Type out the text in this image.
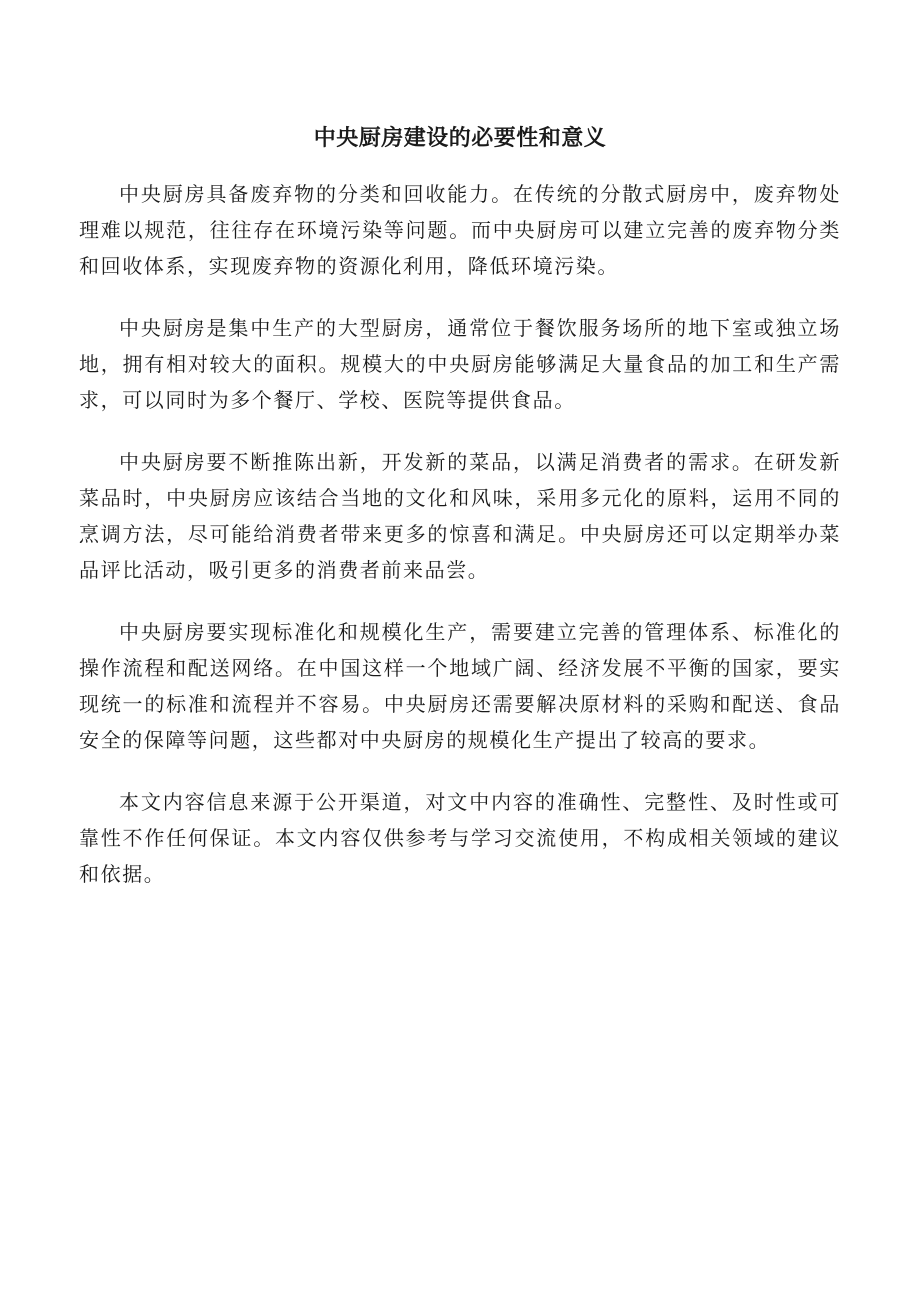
中央厨房建设的必要性和意义

中央厨房具备废弃物的分类和回收能力。在传统的分散式厨房中，废弃物处理难以规范，往往存在环境污染等问题。而中央厨房可以建立完善的废弃物分类和回收体系，实现废弃物的资源化利用，降低环境污染。

中央厨房是集中生产的大型厨房，通常位于餐饮服务场所的地下室或独立场地，拥有相对较大的面积。规模大的中央厨房能够满足大量食品的加工和生产需求，可以同时为多个餐厅、学校、医院等提供食品。

中央厨房要不断推陈出新，开发新的菜品，以满足消费者的需求。在研发新菜品时，中央厨房应该结合当地的文化和风味，采用多元化的原料，运用不同的烹调方法，尽可能给消费者带来更多的惊喜和满足。中央厨房还可以定期举办菜品评比活动，吸引更多的消费者前来品尝。

中央厨房要实现标准化和规模化生产，需要建立完善的管理体系、标准化的操作流程和配送网络。在中国这样一个地域广阔、经济发展不平衡的国家，要实现统一的标准和流程并不容易。中央厨房还需要解决原材料的采购和配送、食品安全的保障等问题，这些都对中央厨房的规模化生产提出了较高的要求。

本文内容信息来源于公开渠道，对文中内容的准确性、完整性、及时性或可靠性不作任何保证。本文内容仅供参考与学习交流使用，不构成相关领域的建议和依据。
